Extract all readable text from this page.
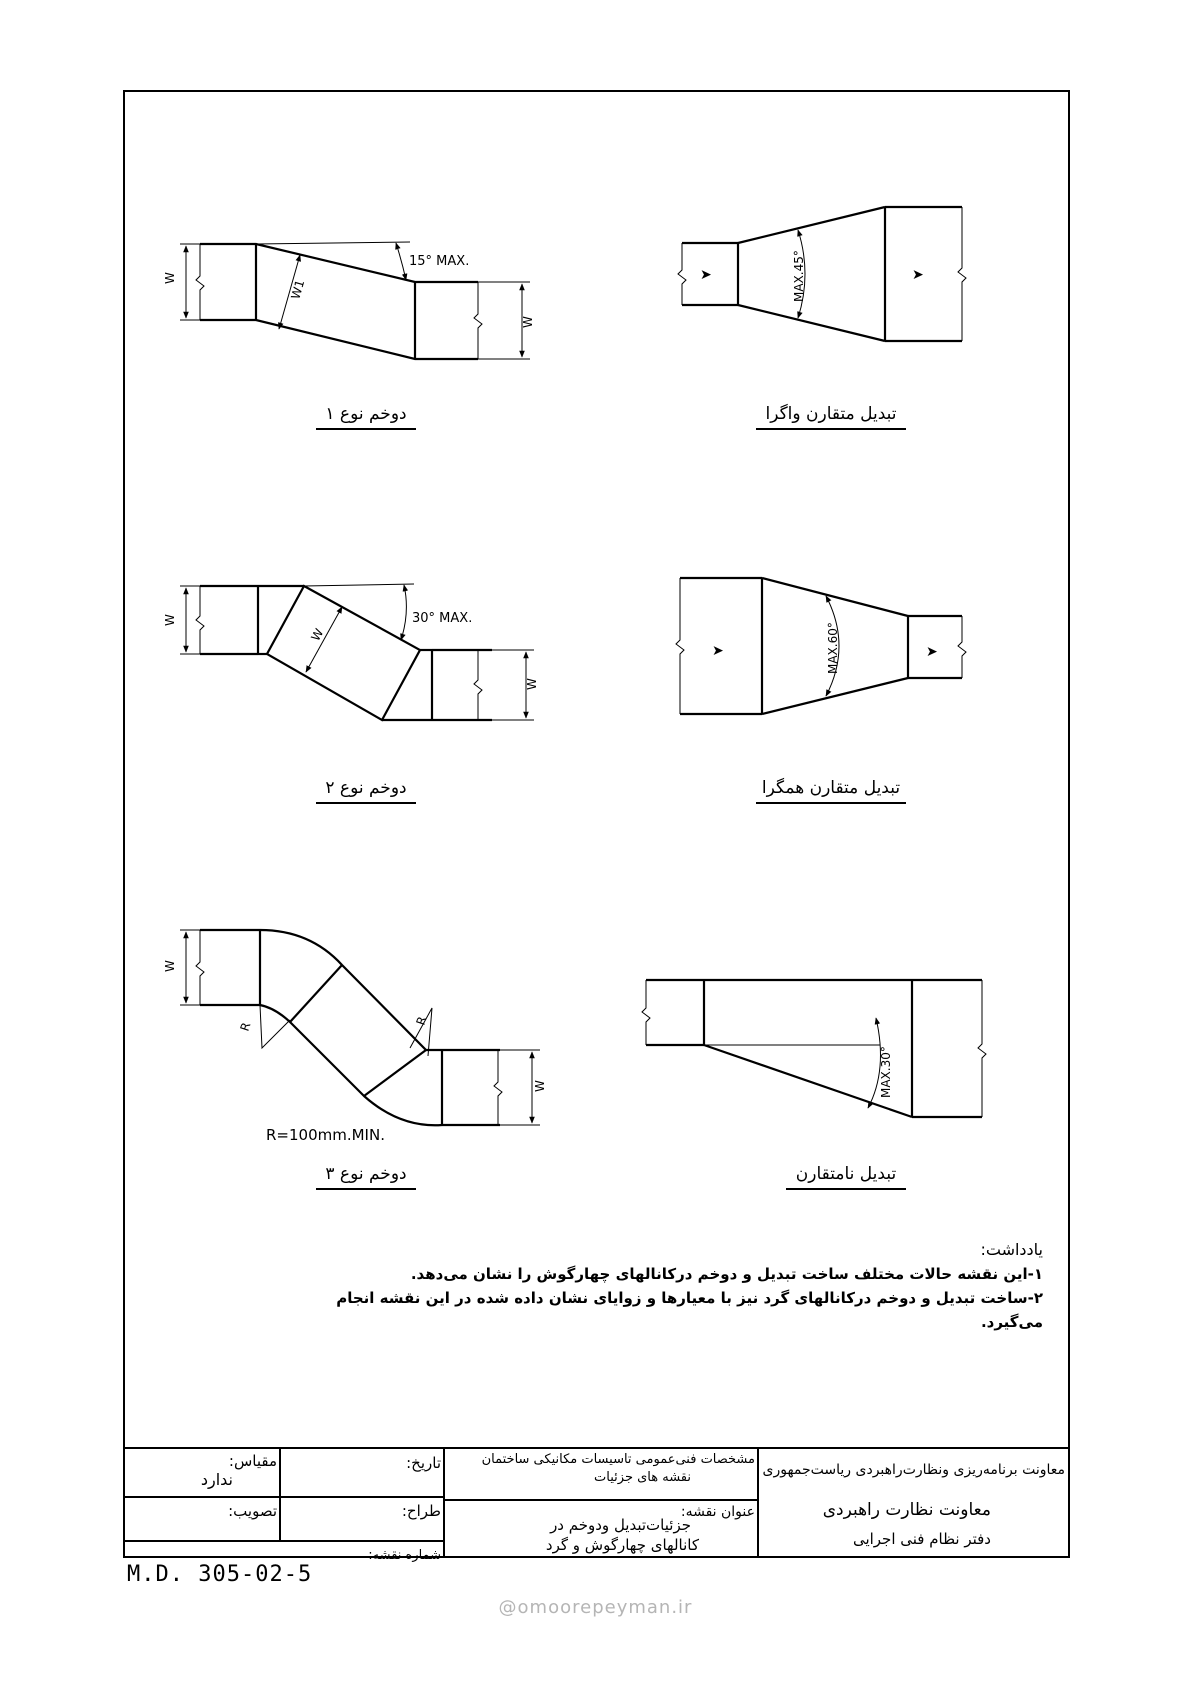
W
W
W1
15° MAX.
➤	➤
MAX.45°
W
W
W
30° MAX.
➤	➤
MAX.60°
W
W
R	R
R=100mm.MIN.
MAX.30°
دوخم نوع ۱	تبدیل متقارن واگرا
دوخم نوع ۲	تبدیل متقارن همگرا
دوخم نوع ۳	تبدیل نامتقارن
یادداشت:
۱-این نقشه حالات مختلف ساخت تبدیل و دوخم درکانالهای چهارگوش را نشان می‌دهد.
۲-ساخت تبدیل و دوخم درکانالهای گرد نیز با معیارها و زوایای نشان داده شده در این نقشه انجام می‌گیرد.
معاونت برنامه‌ریزی ونظارت‌راهبردی ریاست‌جمهوری
معاونت نظارت راهبردی
دفتر نظام فنی اجرایی
مشخصات فنی‌عمومی تاسیسات مکانیکی ساختمان
نقشه های جزئیات
عنوان نقشه:
جزئیات‌تبدیل ودوخم در
کانالهای چهارگوش و گرد
تاریخ:
طراح:
شماره نقشه:
مقیاس:
ندارد
تصویب:
M.D. 305-02-5
@omoorepeyman.ir
